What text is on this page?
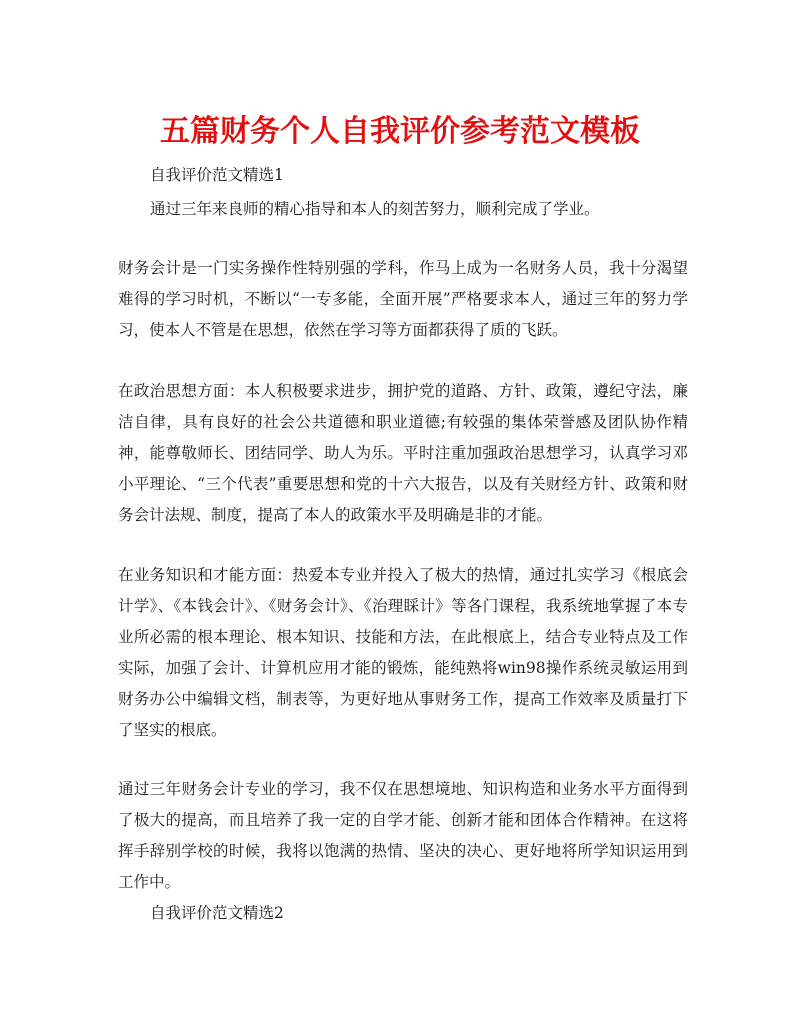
五篇财务个人自我评价参考范文模板

自我评价范文精选1

通过三年来良师的精心指导和本人的刻苦努力，顺利完成了学业。

财务会计是一门实务操作性特别强的学科，作马上成为一名财务人员，我十分渴望难得的学习时机，不断以“一专多能，全面开展”严格要求本人，通过三年的努力学习，使本人不管是在思想，依然在学习等方面都获得了质的飞跃。

在政治思想方面：本人积极要求进步，拥护党的道路、方针、政策，遵纪守法，廉洁自律，具有良好的社会公共道德和职业道德;有较强的集体荣誉感及团队协作精神，能尊敬师长、团结同学、助人为乐。平时注重加强政治思想学习，认真学习邓小平理论、“三个代表”重要思想和党的十六大报告，以及有关财经方针、政策和财务会计法规、制度，提高了本人的政策水平及明确是非的才能。

在业务知识和才能方面：热爱本专业并投入了极大的热情，通过扎实学习《根底会计学》、《本钱会计》、《财务会计》、《治理睬计》等各门课程，我系统地掌握了本专业所必需的根本理论、根本知识、技能和方法，在此根底上，结合专业特点及工作实际，加强了会计、计算机应用才能的锻炼，能纯熟将win98操作系统灵敏运用到财务办公中编辑文档，制表等，为更好地从事财务工作，提高工作效率及质量打下了坚实的根底。

通过三年财务会计专业的学习，我不仅在思想境地、知识构造和业务水平方面得到了极大的提高，而且培养了我一定的自学才能、创新才能和团体合作精神。在这将挥手辞别学校的时候，我将以饱满的热情、坚决的决心、更好地将所学知识运用到工作中。

自我评价范文精选2
